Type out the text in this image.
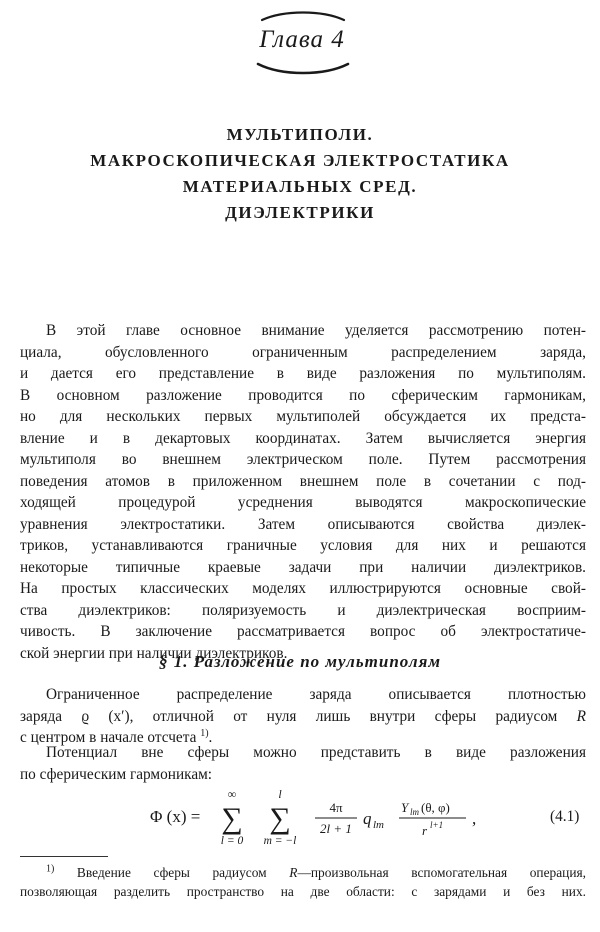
Глава 4
МУЛЬТИПОЛИ.
МАКРОСКОПИЧЕСКАЯ ЭЛЕКТРОСТАТИКА
МАТЕРИАЛЬНЫХ СРЕД.
ДИЭЛЕКТРИКИ
В этой главе основное внимание уделяется рассмотрению потен-
циала, обусловленного ограниченным распределением заряда,
и дается его представление в виде разложения по мультиполям.
В основном разложение проводится по сферическим гармоникам,
но для нескольких первых мультиполей обсуждается их предста-
вление и в декартовых координатах. Затем вычисляется энергия
мультиполя во внешнем электрическом поле. Путем рассмотрения
поведения атомов в приложенном внешнем поле в сочетании с под-
ходящей процедурой усреднения выводятся макроскопические
уравнения электростатики. Затем описываются свойства диэлек-
триков, устанавливаются граничные условия для них и решаются
некоторые типичные краевые задачи при наличии диэлектриков.
На простых классических моделях иллюстрируются основные свой-
ства диэлектриков: поляризуемость и диэлектрическая восприим-
чивость. В заключение рассматривается вопрос об электростатиче-
ской энергии при наличии диэлектриков.
§ 1. Разложение по мультиполям
Ограниченное распределение заряда описывается плотностью
заряда ϱ (x′), отличной от нуля лишь внутри сферы радиусом R
с центром в начале отсчета $^{1)}$.
Потенциал вне сферы можно представить в виде разложения
по сферическим гармоникам:
Φ (x) =
∞
∑
l = 0
l
∑
m = −l
4π
2l + 1
q lm
Y lm (θ, φ)
r l+1 ,	(4.1)
$^{1)}$ Введение сферы радиусом R—произвольная вспомогательная операция,
позволяющая разделить пространство на две области: с зарядами и без них.
